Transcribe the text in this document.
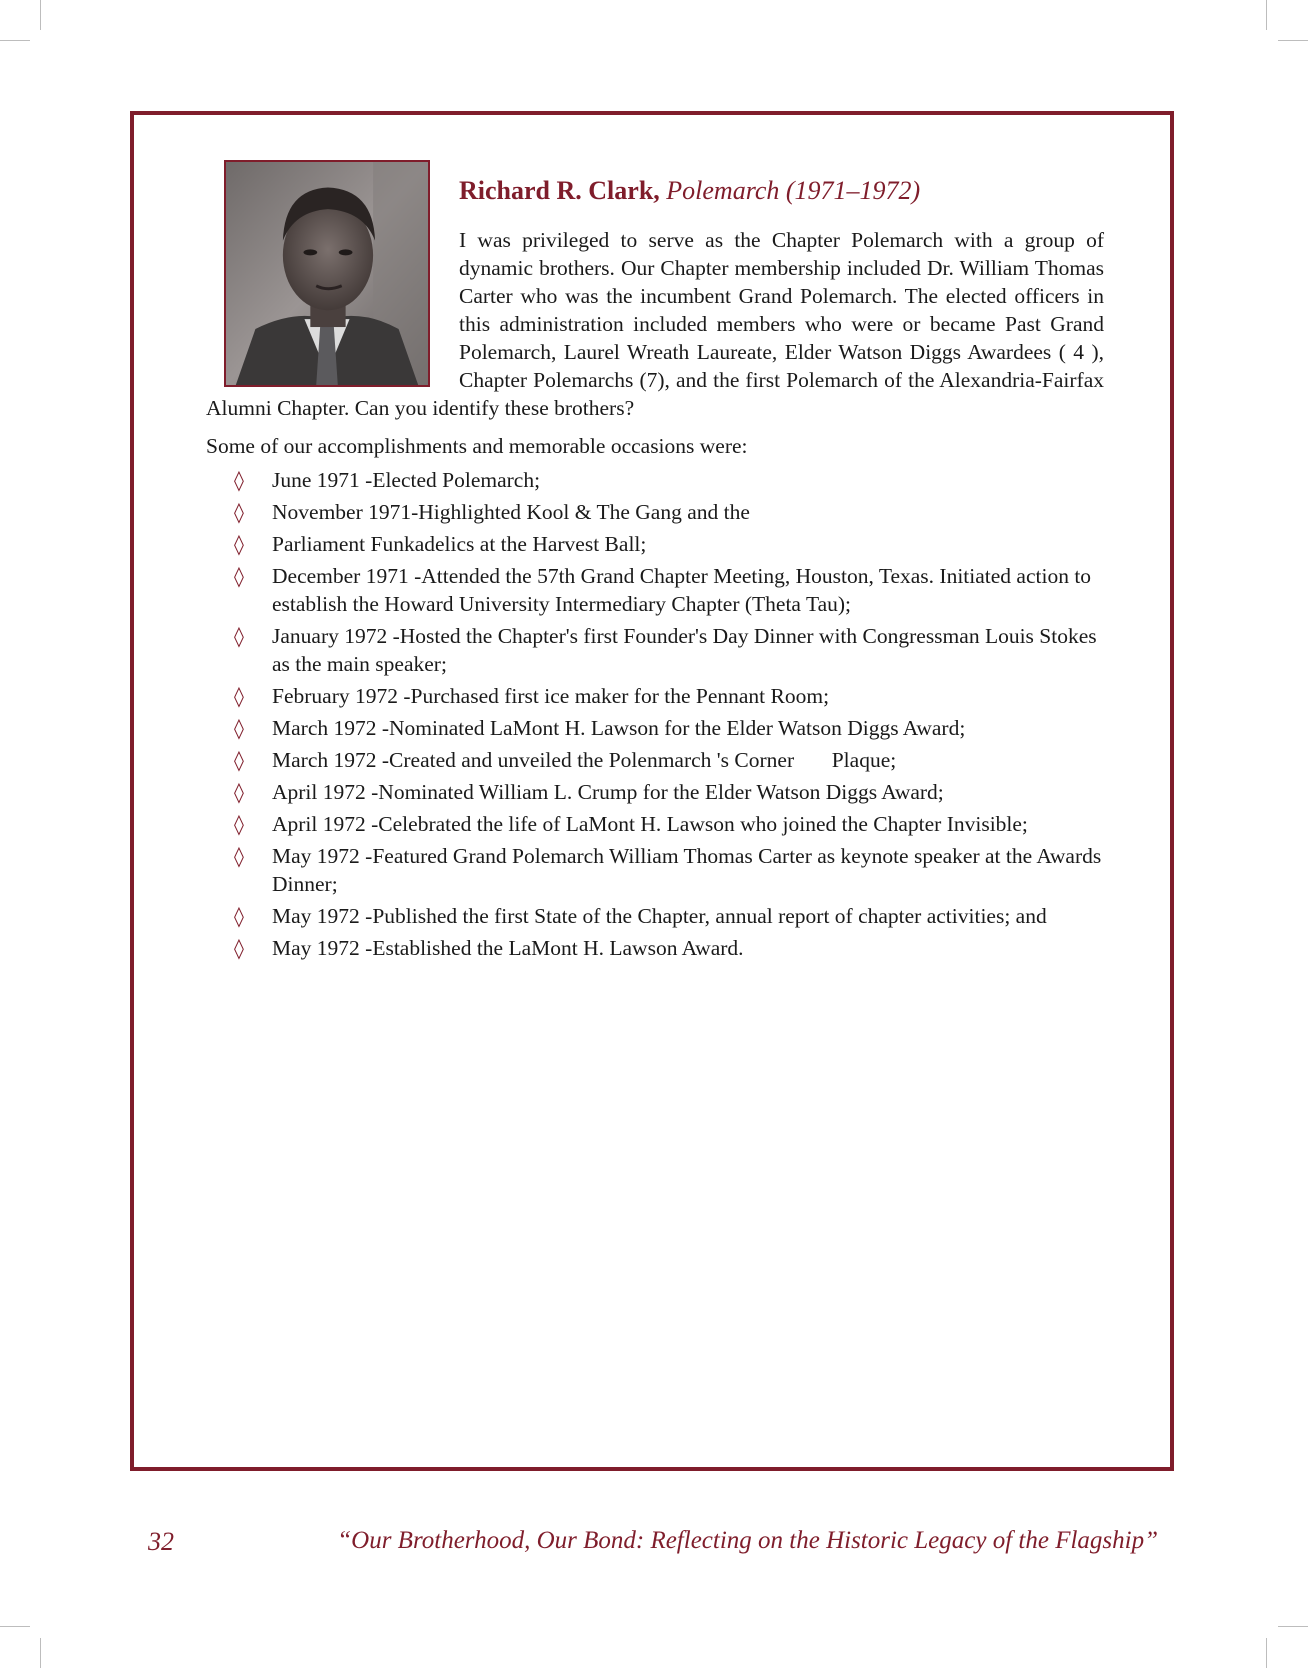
Richard R. Clark, Polemarch (1971–1972)

I was privileged to serve as the Chapter Polemarch with a group of dynamic brothers. Our Chapter membership included Dr. William Thomas Carter who was the incumbent Grand Polemarch. The elected officers in this administration included members who were or became Past Grand Polemarch, Laurel Wreath Laureate, Elder Watson Diggs Awardees ( 4 ), Chapter Polemarchs (7), and the first Polemarch of the Alexandria-Fairfax Alumni Chapter. Can you identify these brothers?

Some of our accomplishments and memorable occasions were:

◊ June 1971 -Elected Polemarch;
◊ November 1971-Highlighted Kool & The Gang and the
◊ Parliament Funkadelics at the Harvest Ball;
◊ December 1971 -Attended the 57th Grand Chapter Meeting, Houston, Texas. Initiated action to establish the Howard University Intermediary Chapter (Theta Tau);
◊ January 1972 -Hosted the Chapter's first Founder's Day Dinner with Congressman Louis Stokes as the main speaker;
◊ February 1972 -Purchased first ice maker for the Pennant Room;
◊ March 1972 -Nominated LaMont H. Lawson for the Elder Watson Diggs Award;
◊ March 1972 -Created and unveiled the Polenmarch 's Corner       Plaque;
◊ April 1972 -Nominated William L. Crump for the Elder Watson Diggs Award;
◊ April 1972 -Celebrated the life of LaMont H. Lawson who joined the Chapter Invisible;
◊ May 1972 -Featured Grand Polemarch William Thomas Carter as keynote speaker at the Awards Dinner;
◊ May 1972 -Published the first State of the Chapter, annual report of chapter activities; and
◊ May 1972 -Established the LaMont H. Lawson Award.
32	“Our Brotherhood, Our Bond: Reflecting on the Historic Legacy of the Flagship”
